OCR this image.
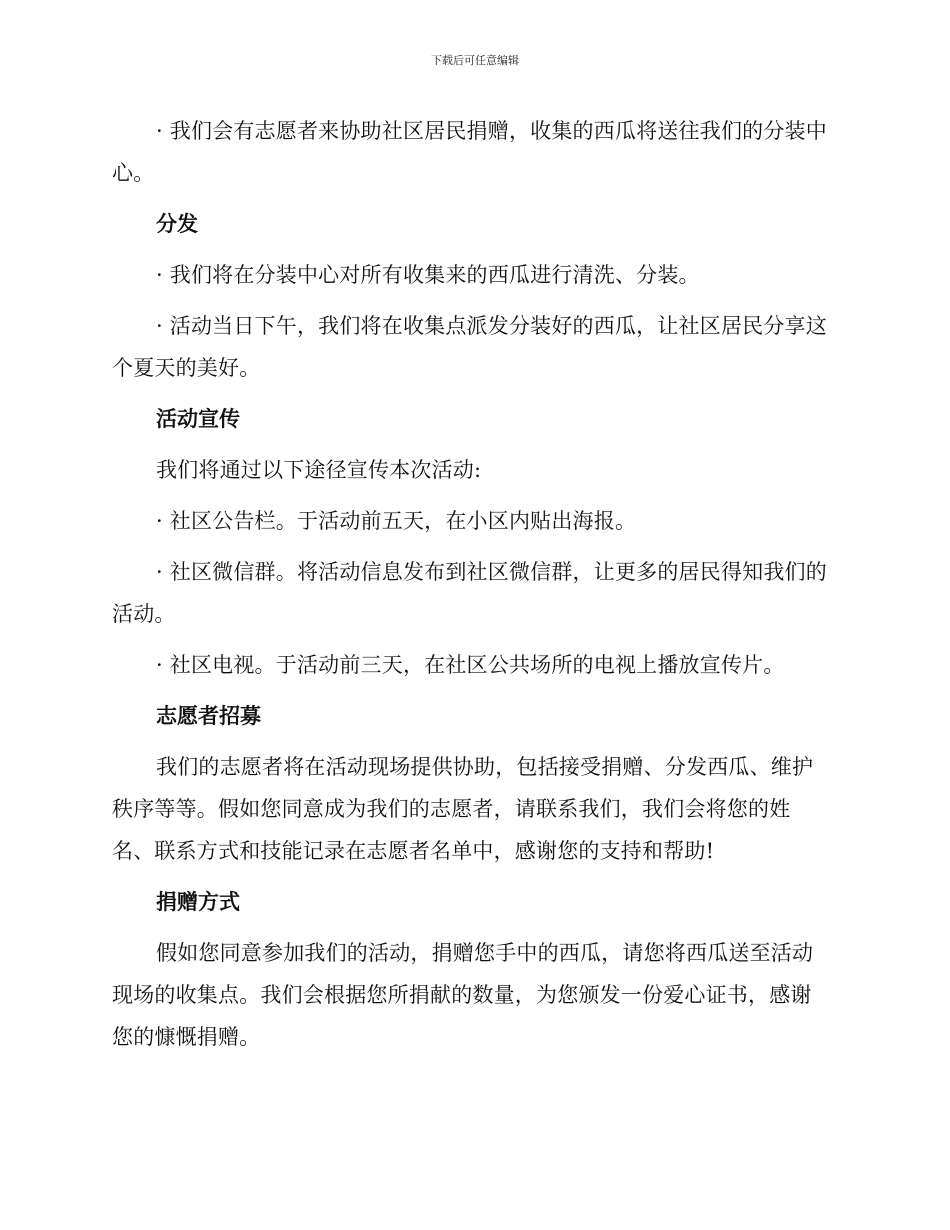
下载后可任意编辑

· 我们会有志愿者来协助社区居民捐赠，收集的西瓜将送往我们的分装中心。

分发

· 我们将在分装中心对所有收集来的西瓜进行清洗、分装。

· 活动当日下午，我们将在收集点派发分装好的西瓜，让社区居民分享这个夏天的美好。

活动宣传

我们将通过以下途径宣传本次活动:

· 社区公告栏。于活动前五天，在小区内贴出海报。

· 社区微信群。将活动信息发布到社区微信群，让更多的居民得知我们的活动。

· 社区电视。于活动前三天，在社区公共场所的电视上播放宣传片。

志愿者招募

我们的志愿者将在活动现场提供协助，包括接受捐赠、分发西瓜、维护秩序等等。假如您同意成为我们的志愿者，请联系我们，我们会将您的姓名、联系方式和技能记录在志愿者名单中，感谢您的支持和帮助!

捐赠方式

假如您同意参加我们的活动，捐赠您手中的西瓜，请您将西瓜送至活动现场的收集点。我们会根据您所捐献的数量，为您颁发一份爱心证书，感谢您的慷慨捐赠。
